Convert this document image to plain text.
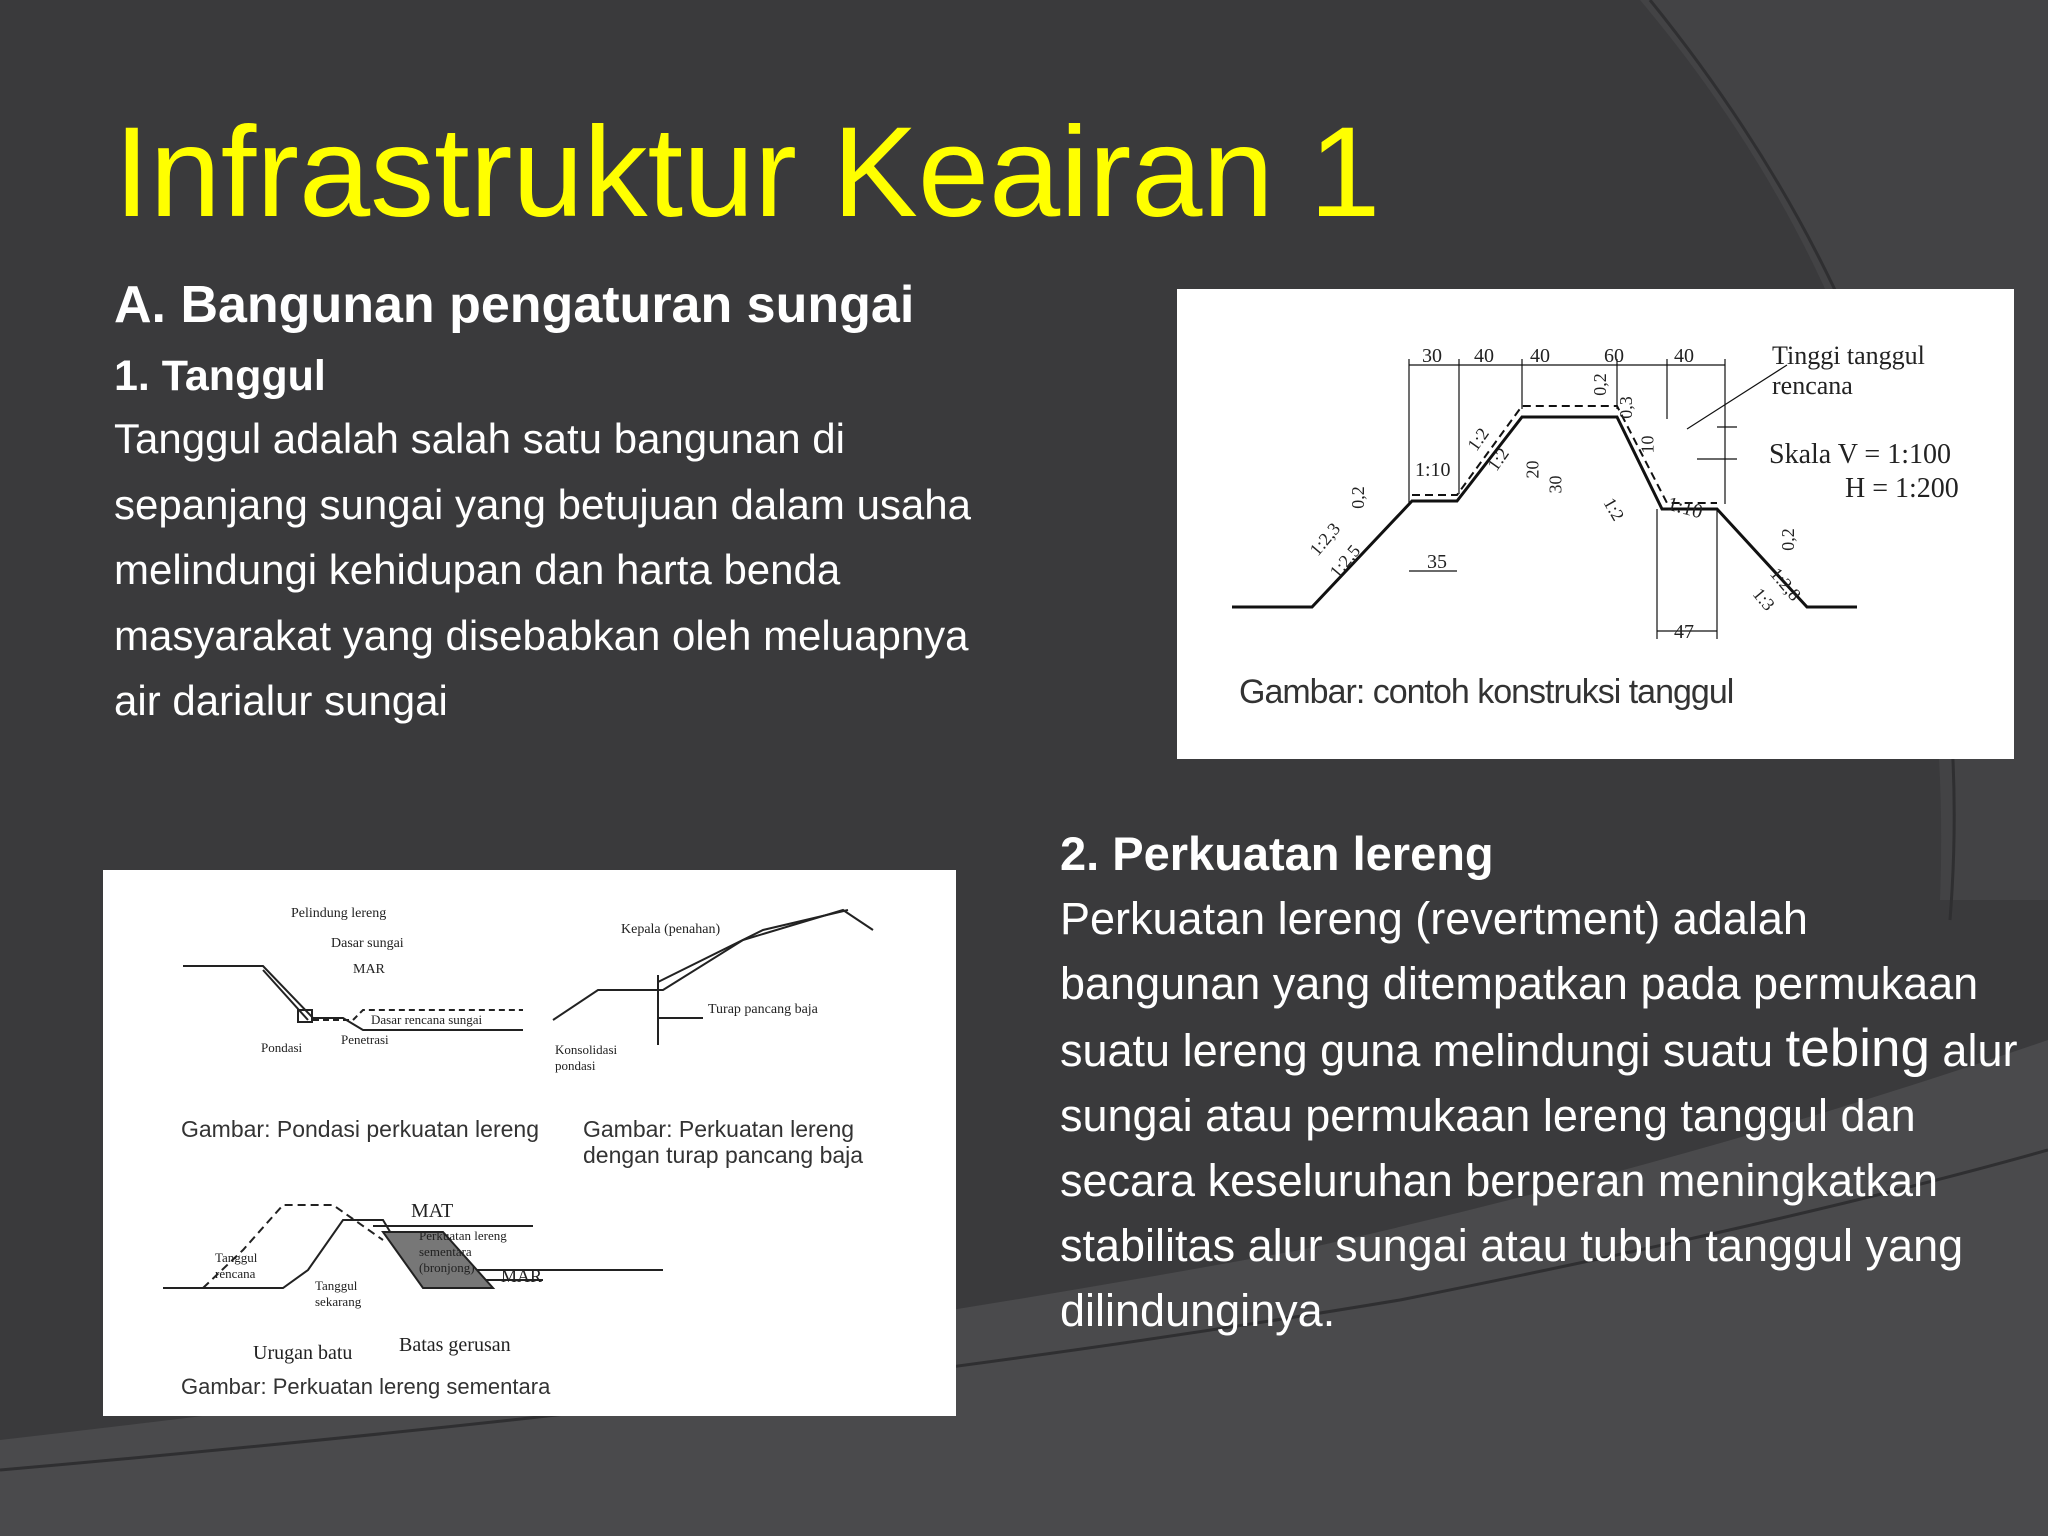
Infrastruktur Keairan 1
A. Bangunan pengaturan sungai
1. Tanggul
Tanggul adalah salah satu bangunan di sepanjang sungai yang betujuan dalam usaha melindungi kehidupan dan harta benda masyarakat yang disebabkan oleh meluapnya air darialur sungai
2. Perkuatan lereng
Perkuatan lereng (revertment) adalah bangunan yang ditempatkan pada permukaan suatu lereng guna melindungi suatu tebing alur sungai atau permukaan lereng tanggul dan secara keseluruhan berperan meningkatkan stabilitas alur sungai atau tubuh tanggul yang dilindunginya.
30 40 40	60	40	Tinggi tanggul
rencana
Skala V = 1:100
H = 1:200
1:10
1:2
1:2
1:2 1:10
1:2,3
1:2,5
1:2,8
1:3
0,2
0,3
10
20
30
0,2
0,2
35
47
Gambar: contoh konstruksi tanggul
Pelindung lereng
Dasar sungai
MAR
Dasar rencana sungai
Pondasi
Penetrasi
Kepala (penahan)
Turap pancang baja
Konsolidasi
pondasi
Gambar: Pondasi perkuatan lereng Gambar: Perkuatan lereng
dengan turap pancang baja
MAT
Perkuatan lereng
sementara
(bronjong) MAR
Tanggul
rencana
Tanggul
sekarang
Urugan batu Batas gerusan
Gambar: Perkuatan lereng sementara
